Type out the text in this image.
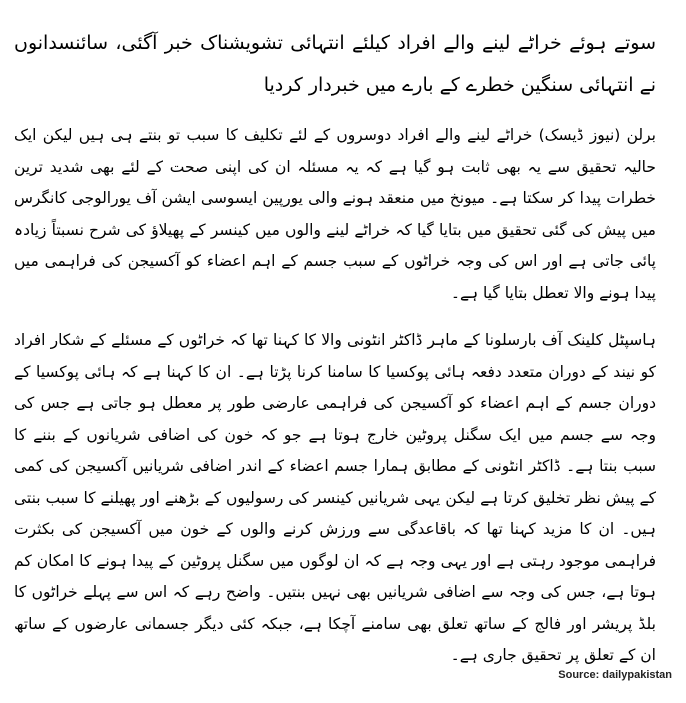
سوتے ہوئے خراٹے لینے والے افراد کیلئے انتہائی تشویشناک خبر آگئی، سائنسدانوں نے انتہائی سنگین خطرے کے بارے میں خبردار کردیا

برلن (نیوز ڈیسک) خراٹے لینے والے افراد دوسروں کے لئے تکلیف کا سبب تو بنتے ہی ہیں لیکن ایک حالیہ تحقیق سے یہ بھی ثابت ہو گیا ہے کہ یہ مسئلہ ان کی اپنی صحت کے لئے بھی شدید ترین خطرات پیدا کر سکتا ہے۔ میونخ میں منعقد ہونے والی یورپین ایسوسی ایشن آف یورالوجی کانگرس میں پیش کی گئی تحقیق میں بتایا گیا کہ خراٹے لینے والوں میں کینسر کے پھیلاؤ کی شرح نسبتاً زیادہ پائی جاتی ہے اور اس کی وجہ خراٹوں کے سبب جسم کے اہم اعضاء کو آکسیجن کی فراہمی میں پیدا ہونے والا تعطل بتایا گیا ہے۔

ہاسپٹل کلینک آف بارسلونا کے ماہر ڈاکٹر انٹونی والا کا کہنا تھا کہ خراٹوں کے مسئلے کے شکار افراد کو نیند کے دوران متعدد دفعہ ہائی پوکسیا کا سامنا کرنا پڑتا ہے۔ ان کا کہنا ہے کہ ہائی پوکسیا کے دوران جسم کے اہم اعضاء کو آکسیجن کی فراہمی عارضی طور پر معطل ہو جاتی ہے جس کی وجہ سے جسم میں ایک سگنل پروٹین خارج ہوتا ہے جو کہ خون کی اضافی شریانوں کے بننے کا سبب بنتا ہے۔ ڈاکٹر انٹونی کے مطابق ہمارا جسم اعضاء کے اندر اضافی شریانیں آکسیجن کی کمی کے پیش نظر تخلیق کرتا ہے لیکن یہی شریانیں کینسر کی رسولیوں کے بڑھنے اور پھیلنے کا سبب بنتی ہیں۔ ان کا مزید کہنا تھا کہ باقاعدگی سے ورزش کرنے والوں کے خون میں آکسیجن کی بکثرت فراہمی موجود رہتی ہے اور یہی وجہ ہے کہ ان لوگوں میں سگنل پروٹین کے پیدا ہونے کا امکان کم ہوتا ہے، جس کی وجہ سے اضافی شریانیں بھی نہیں بنتیں۔ واضح رہے کہ اس سے پہلے خراٹوں کا بلڈ پریشر اور فالج کے ساتھ تعلق بھی سامنے آچکا ہے، جبکہ کئی دیگر جسمانی عارضوں کے ساتھ ان کے تعلق پر تحقیق جاری ہے۔

Source: dailypakistan
